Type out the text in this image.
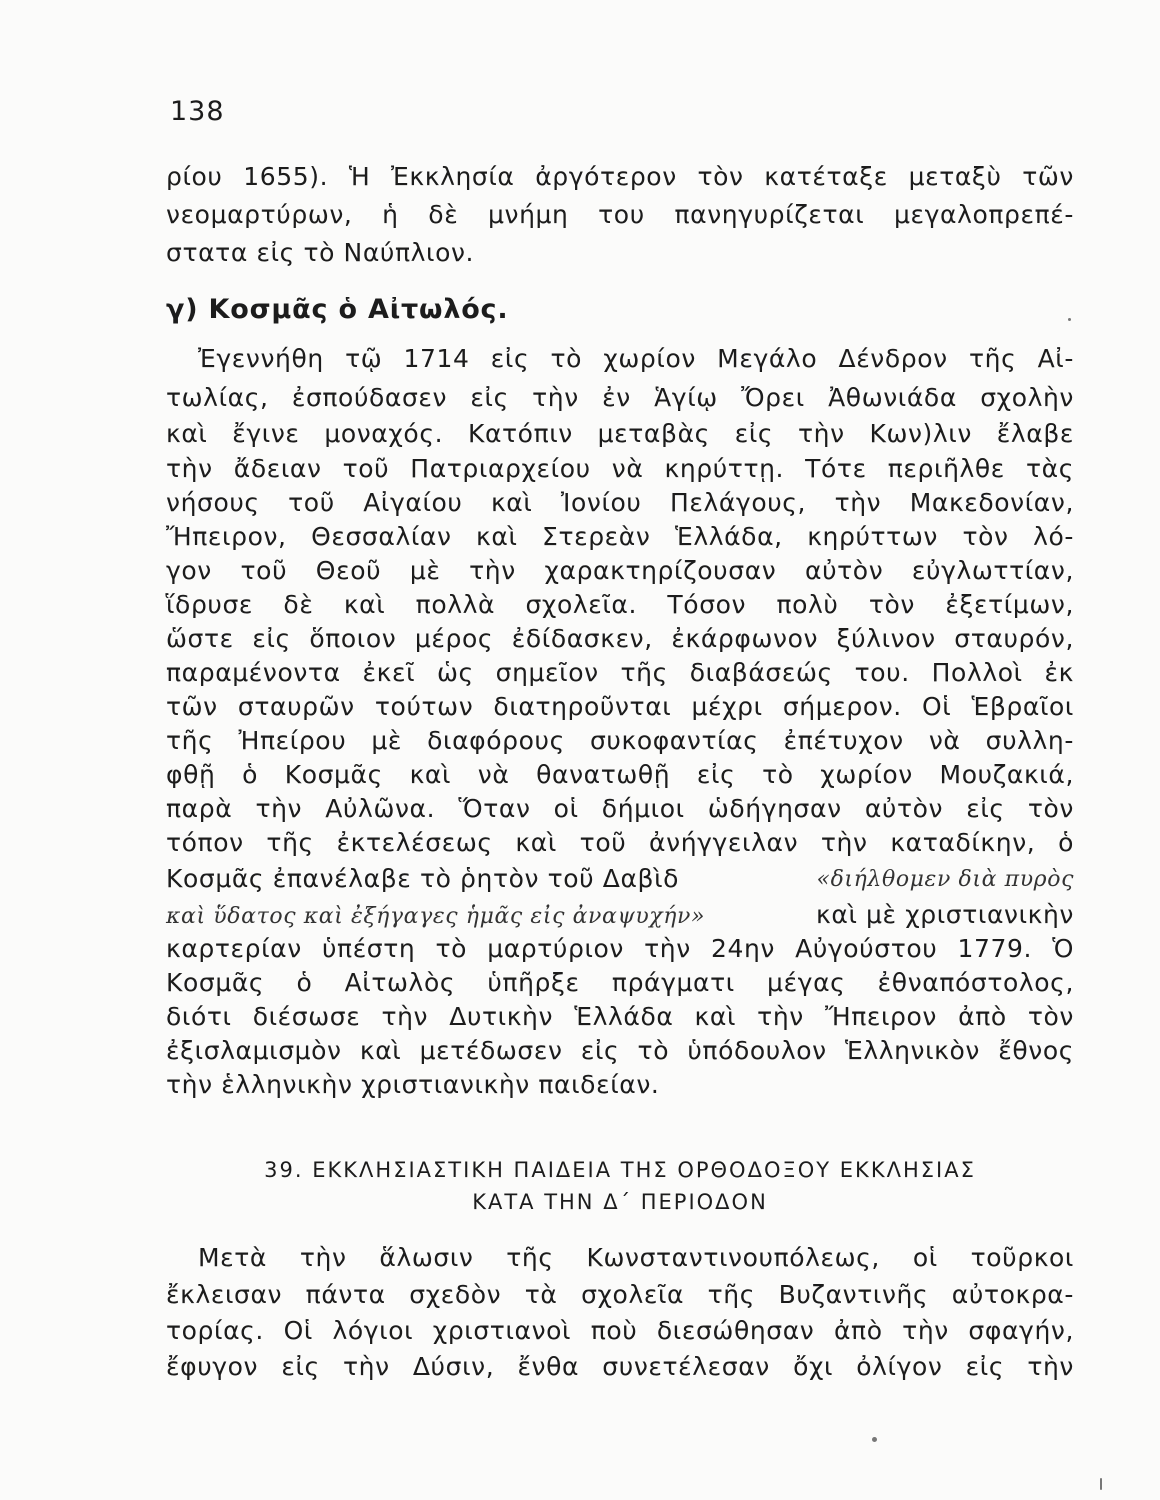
138
ρίου 1655). Ἡ Ἐκκλησία ἀργότερον τὸν κατέταξε μεταξὺ τῶν
νεομαρτύρων, ἡ δὲ μνήμη του πανηγυρίζεται μεγαλοπρεπέ-
στατα εἰς τὸ Ναύπλιον.
γ) Κοσμᾶς ὁ Αἰτωλός.
Ἐγεννήθη τῷ 1714 εἰς τὸ χωρίον Μεγάλο Δένδρον τῆς Αἰ-
τωλίας, ἐσπούδασεν εἰς τὴν ἐν Ἁγίῳ Ὄρει Ἀθωνιάδα σχολὴν
καὶ ἔγινε μοναχός. Κατόπιν μεταβὰς εἰς τὴν Κων)λιν ἔλαβε
τὴν ἄδειαν τοῦ Πατριαρχείου νὰ κηρύττῃ. Τότε περιῆλθε τὰς
νήσους τοῦ Αἰγαίου καὶ Ἰονίου Πελάγους, τὴν Μακεδονίαν,
Ἤπειρον, Θεσσαλίαν καὶ Στερεὰν Ἑλλάδα, κηρύττων τὸν λό-
γον τοῦ Θεοῦ μὲ τὴν χαρακτηρίζουσαν αὐτὸν εὐγλωττίαν,
ἵδρυσε δὲ καὶ πολλὰ σχολεῖα. Τόσον πολὺ τὸν ἐξετίμων,
ὥστε εἰς ὅποιον μέρος ἐδίδασκεν, ἐκάρφωνον ξύλινον σταυρόν,
παραμένοντα ἐκεῖ ὡς σημεῖον τῆς διαβάσεώς του. Πολλοὶ ἐκ
τῶν σταυρῶν τούτων διατηροῦνται μέχρι σήμερον. Οἱ Ἑβραῖοι
τῆς Ἠπείρου μὲ διαφόρους συκοφαντίας ἐπέτυχον νὰ συλλη-
φθῇ ὁ Κοσμᾶς καὶ νὰ θανατωθῇ εἰς τὸ χωρίον Μουζακιά,
παρὰ τὴν Αὐλῶνα. Ὅταν οἱ δήμιοι ὡδήγησαν αὐτὸν εἰς τὸν
τόπον τῆς ἐκτελέσεως καὶ τοῦ ἀνήγγειλαν τὴν καταδίκην, ὁ
Κοσμᾶς ἐπανέλαβε τὸ ῥητὸν τοῦ Δαβὶδ	«διήλθομεν διὰ πυρὸς
καὶ ὕδατος καὶ ἐξήγαγες ἡμᾶς εἰς ἀναψυχήν»	καὶ μὲ χριστιανικὴν
καρτερίαν ὑπέστη τὸ μαρτύριον τὴν 24ην Αὐγούστου 1779. Ὁ
Κοσμᾶς ὁ Αἰτωλὸς ὑπῆρξε πράγματι μέγας ἐθναπόστολος,
διότι διέσωσε τὴν Δυτικὴν Ἑλλάδα καὶ τὴν Ἤπειρον ἀπὸ τὸν
ἐξισλαμισμὸν καὶ μετέδωσεν εἰς τὸ ὑπόδουλον Ἑλληνικὸν ἔθνος
τὴν ἑλληνικὴν χριστιανικὴν παιδείαν.
39. ΕΚΚΛΗΣΙΑΣΤΙΚΗ ΠΑΙΔΕΙΑ ΤΗΣ ΟΡΘΟΔΟΞΟΥ ΕΚΚΛΗΣΙΑΣ
ΚΑΤΑ ΤΗΝ Δ΄ ΠΕΡΙΟΔΟΝ
Μετὰ τὴν ἅλωσιν τῆς Κωνσταντινουπόλεως, οἱ τοῦρκοι
ἔκλεισαν πάντα σχεδὸν τὰ σχολεῖα τῆς Βυζαντινῆς αὐτοκρα-
τορίας. Οἱ λόγιοι χριστιανοὶ ποὺ διεσώθησαν ἀπὸ τὴν σφαγήν,
ἔφυγον εἰς τὴν Δύσιν, ἔνθα συνετέλεσαν ὄχι ὀλίγον εἰς τὴν
